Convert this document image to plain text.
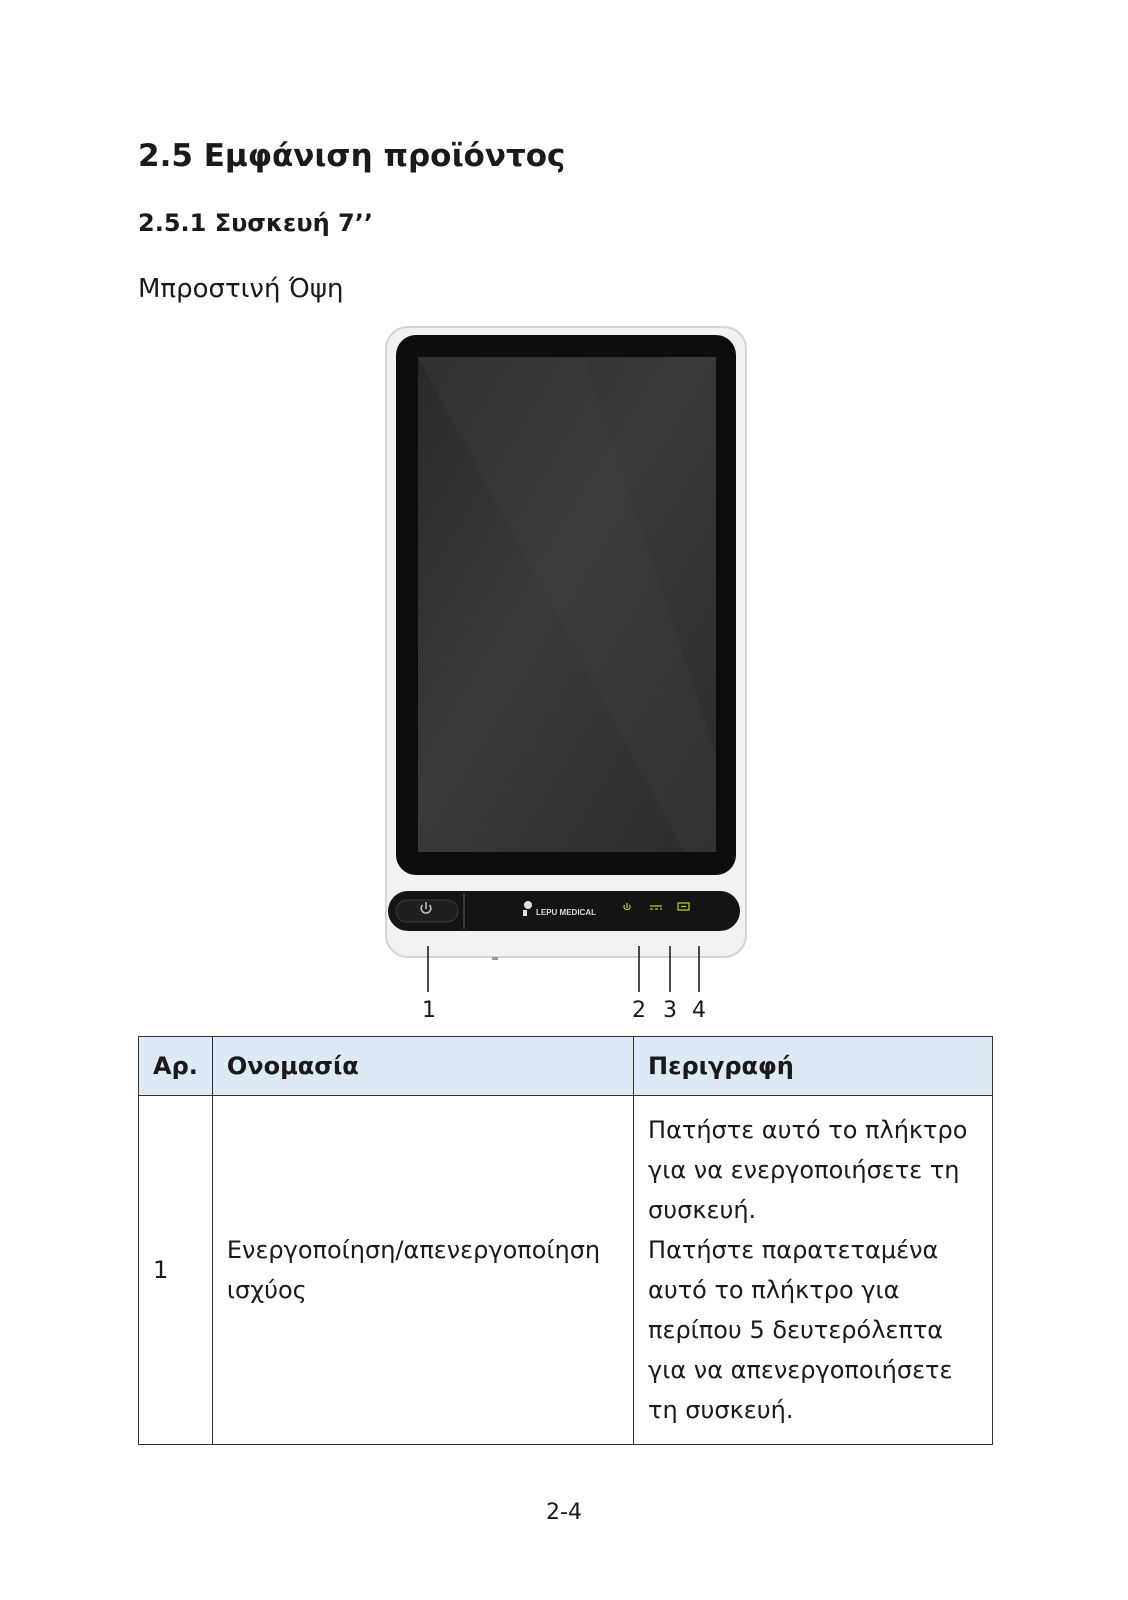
2.5 Εμφάνιση προϊόντος
2.5.1 Συσκευή 7’’

Μπροστινή Όψη

LEPU MEDICAL
1	2 3 4
Αρ.	Ονομασία	Περιγραφή
1	Ενεργοποίηση/απενεργοποίηση ισχύος	Πατήστε αυτό το πλήκτρο για να ενεργοποιήσετε τη συσκευή.
Πατήστε παρατεταμένα αυτό το πλήκτρο για περίπου 5 δευτερόλεπτα για να απενεργοποιήσετε τη συσκευή.
2-4
